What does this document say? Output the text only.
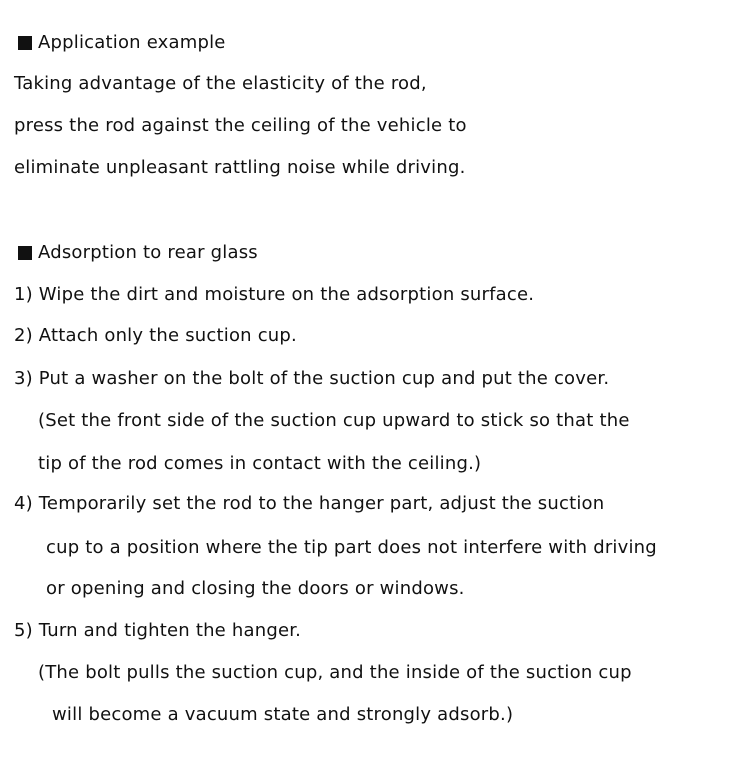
Application example
Taking advantage of the elasticity of the rod,
press the rod against the ceiling of the vehicle to
eliminate unpleasant rattling noise while driving.
Adsorption to rear glass
1) Wipe the dirt and moisture on the adsorption surface.
2) Attach only the suction cup.
3) Put a washer on the bolt of the suction cup and put the cover.
(Set the front side of the suction cup upward to stick so that the
tip of the rod comes in contact with the ceiling.)
4) Temporarily set the rod to the hanger part, adjust the suction
cup to a position where the tip part does not interfere with driving
or opening and closing the doors or windows.
5) Turn and tighten the hanger.
(The bolt pulls the suction cup, and the inside of the suction cup
will become a vacuum state and strongly adsorb.)
